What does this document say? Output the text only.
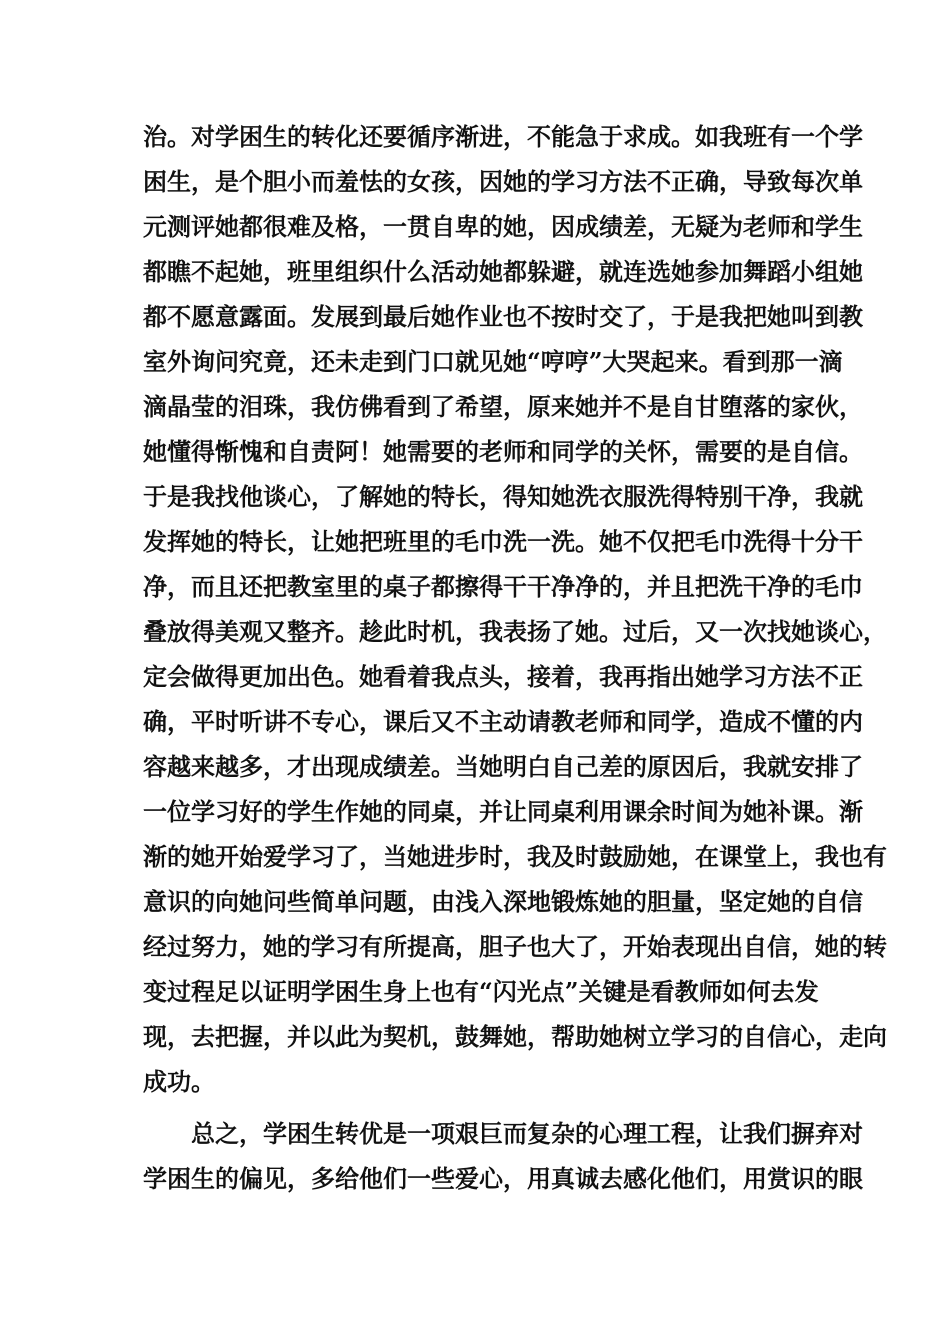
治。对学困生的转化还要循序渐进，不能急于求成。如我班有一个学
困生，是个胆小而羞怯的女孩，因她的学习方法不正确，导致每次单
元测评她都很难及格，一贯自卑的她，因成绩差，无疑为老师和学生
都瞧不起她，班里组织什么活动她都躲避，就连选她参加舞蹈小组她
都不愿意露面。发展到最后她作业也不按时交了，于是我把她叫到教
室外询问究竟，还未走到门口就见她“哼哼”大哭起来。看到那一滴
滴晶莹的泪珠，我仿佛看到了希望，原来她并不是自甘堕落的家伙，
她懂得惭愧和自责阿！她需要的老师和同学的关怀，需要的是自信。
于是我找他谈心，了解她的特长，得知她洗衣服洗得特别干净，我就
发挥她的特长，让她把班里的毛巾洗一洗。她不仅把毛巾洗得十分干
净，而且还把教室里的桌子都擦得干干净净的，并且把洗干净的毛巾
叠放得美观又整齐。趁此时机，我表扬了她。过后，又一次找她谈心，
定会做得更加出色。她看着我点头，接着，我再指出她学习方法不正
确，平时听讲不专心，课后又不主动请教老师和同学，造成不懂的内
容越来越多，才出现成绩差。当她明白自己差的原因后，我就安排了
一位学习好的学生作她的同桌，并让同桌利用课余时间为她补课。渐
渐的她开始爱学习了，当她进步时，我及时鼓励她，在课堂上，我也有
意识的向她问些简单问题，由浅入深地锻炼她的胆量，坚定她的自信
经过努力，她的学习有所提高，胆子也大了，开始表现出自信，她的转
变过程足以证明学困生身上也有“闪光点”关键是看教师如何去发
现，去把握，并以此为契机，鼓舞她，帮助她树立学习的自信心，走向
成功。
总之，学困生转优是一项艰巨而复杂的心理工程，让我们摒弃对
学困生的偏见，多给他们一些爱心，用真诚去感化他们，用赏识的眼
